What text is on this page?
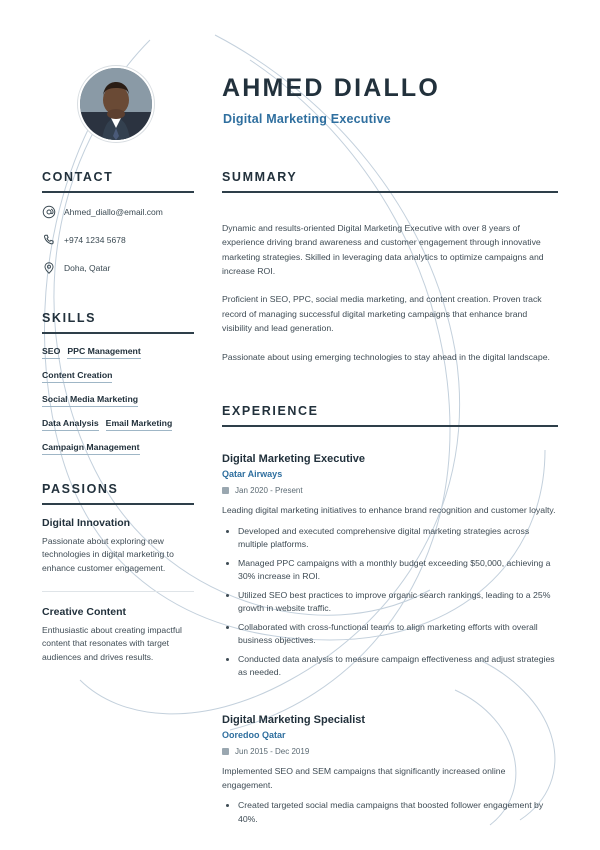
AHMED DIALLO
Digital Marketing Executive
CONTACT
Ahmed_diallo@email.com
+974 1234 5678
Doha, Qatar
SKILLS
SEO PPC Management
Content Creation
Social Media Marketing
Data Analysis Email Marketing
Campaign Management
PASSIONS
Digital Innovation
Passionate about exploring new technologies in digital marketing to enhance customer engagement.
Creative Content
Enthusiastic about creating impactful content that resonates with target audiences and drives results.
SUMMARY

Dynamic and results-oriented Digital Marketing Executive with over 8 years of experience driving brand awareness and customer engagement through innovative marketing strategies. Skilled in leveraging data analytics to optimize campaigns and increase ROI.

Proficient in SEO, PPC, social media marketing, and content creation. Proven track record of managing successful digital marketing campaigns that enhance brand visibility and lead generation.

Passionate about using emerging technologies to stay ahead in the digital landscape.

EXPERIENCE
Digital Marketing Executive
Qatar Airways
Jan 2020 - Present

Leading digital marketing initiatives to enhance brand recognition and customer loyalty.

• Developed and executed comprehensive digital marketing strategies across multiple platforms.
• Managed PPC campaigns with a monthly budget exceeding $50,000, achieving a 30% increase in ROI.
• Utilized SEO best practices to improve organic search rankings, leading to a 25% growth in website traffic.
• Collaborated with cross-functional teams to align marketing efforts with overall business objectives.
• Conducted data analysis to measure campaign effectiveness and adjust strategies as needed.
Digital Marketing Specialist
Ooredoo Qatar
Jun 2015 - Dec 2019

Implemented SEO and SEM campaigns that significantly increased online engagement.

• Created targeted social media campaigns that boosted follower engagement by 40%.
